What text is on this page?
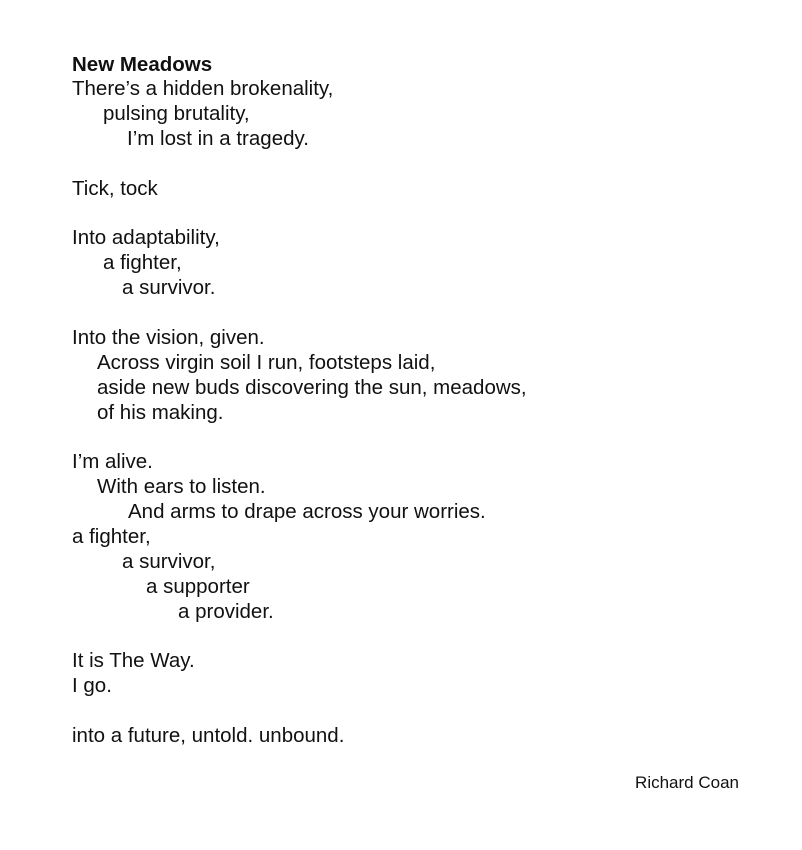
New Meadows
There’s a hidden brokenality,
pulsing brutality,
I’m lost in a tragedy.
Tick, tock
Into adaptability,
a fighter,
a survivor.
Into the vision, given.
Across virgin soil I run, footsteps laid,
aside new buds discovering the sun, meadows,
of his making.
I’m alive.
With ears to listen.
And arms to drape across your worries.
a fighter,
a survivor,
a supporter
a provider.
It is The Way.
I go.
into a future, untold. unbound.
Richard Coan
